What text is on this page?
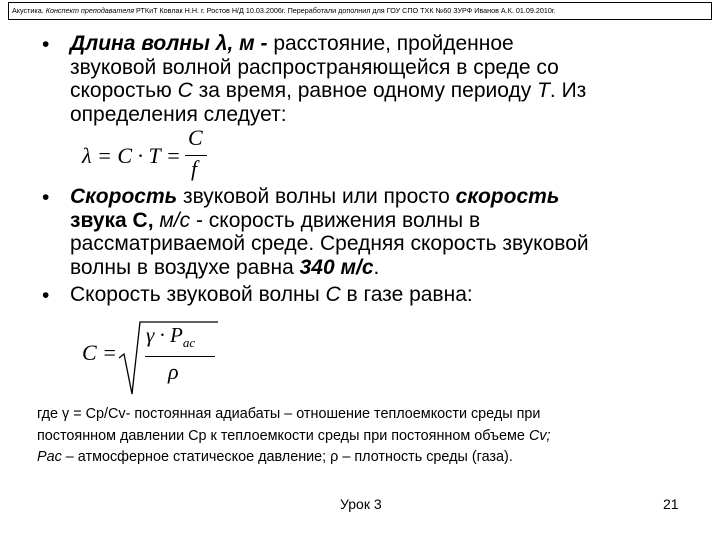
Акустика. Конспект преподавателя РТКиТ Ковлак Н.Н. г. Ростов Н/Д 10.03.2006г. Переработали дополнил для ГОУ СПО ТХК №60 ЗУРФ Иванов А.К. 01.09.2010г.
• Длина волны λ, м - расстояние, пройденное
звуковой волной распространяющейся в среде со
скоростью С за время, равное одному периоду Т. Из
определения следует:
λ = C · T =
C
f
• Скорость звуковой волны или просто скорость
звука С, м/с - скорость движения волны в
рассматриваемой среде. Средняя скорость звуковой
волны в воздухе равна 340 м/с.
• Скорость звуковой волны С в газе равна:
C =
$\gamma \cdot P_{ac}$
ρ
где γ = Ср/Сv- постоянная адиабаты – отношение теплоемкости среды при
постоянном давлении Ср к теплоемкости среды при постоянном объеме Cv;
Рас – атмосферное статическое давление; ρ – плотность среды (газа).
Урок 3	21
